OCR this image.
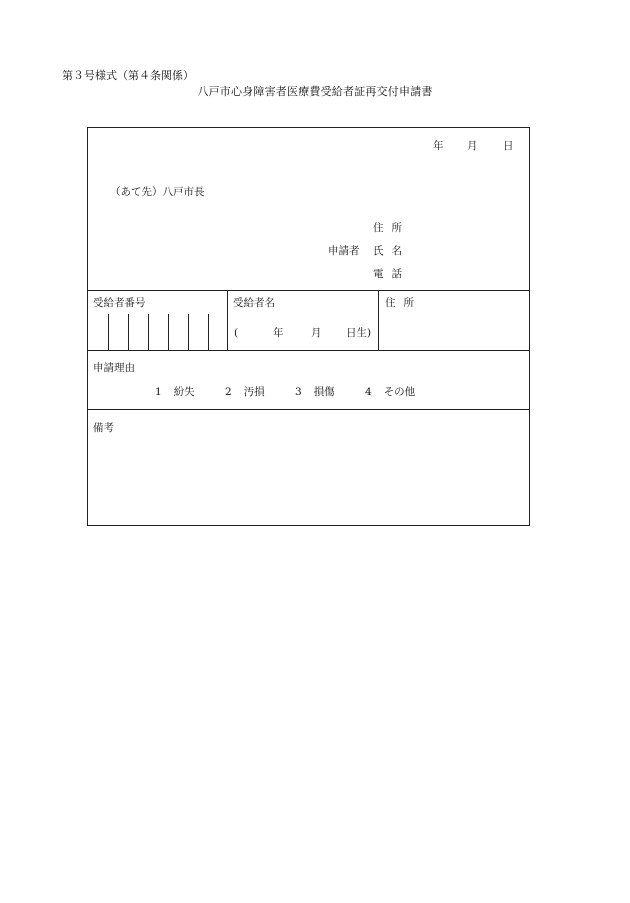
第３号様式（第４条関係）
八戸市心身障害者医療費受給者証再交付申請書
年 月 日
（あて先）八戸市長
住所
申請者 氏名
電話
受給者番号	受給者名	住所
(	年	月 日生)
申請理由
1 紛失	2 汚損	3 損傷	4 その他
備考
